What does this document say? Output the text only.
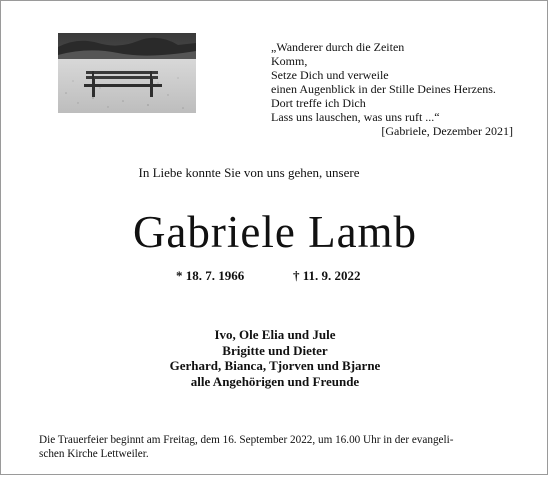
„Wanderer durch die Zeiten
Komm,
Setze Dich und verweile
einen Augenblick in der Stille Deines Herzens.
Dort treffe ich Dich
Lass uns lauschen, was uns ruft ...“
[Gabriele, Dezember 2021]
In Liebe konnte Sie von uns gehen, unsere
Gabriele Lamb
* 18. 7. 1966	† 11. 9. 2022
Ivo, Ole Elia und Jule
Brigitte und Dieter
Gerhard, Bianca, Tjorven und Bjarne
alle Angehörigen und Freunde
Die Trauerfeier beginnt am Freitag, dem 16. September 2022, um 16.00 Uhr in der evangeli-
schen Kirche Lettweiler.
